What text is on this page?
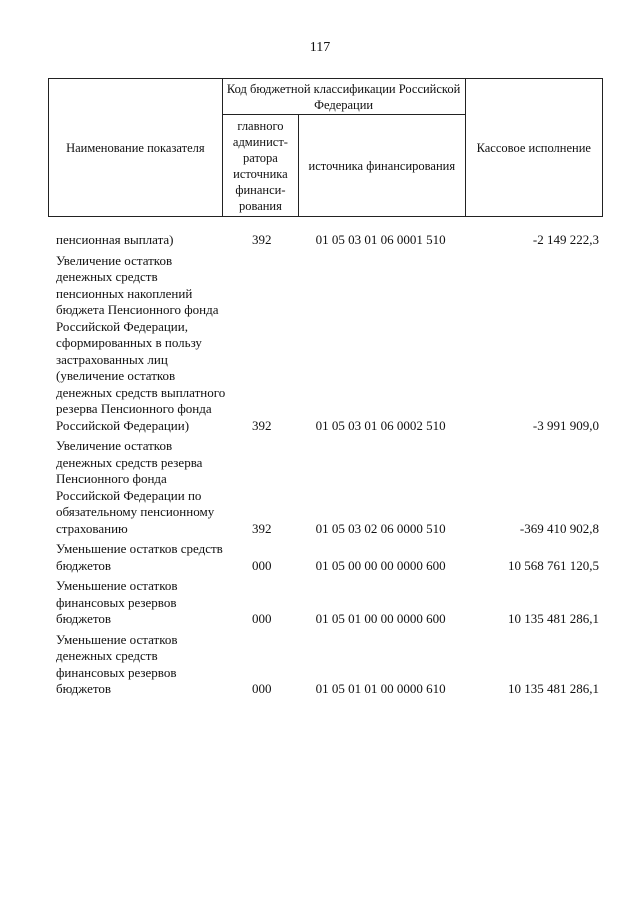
117
Наименование показателя	Код бюджетной классификации Российской Федерации		Кассовое исполнение
	главного админист-ратора источника финанси-рования	источника финансирования	
пенсионная выплата)	392	01 05 03 01 06 0001 510	-2 149 222,3
Увеличение остатков денежных средств пенсионных накоплений бюджета Пенсионного фонда Российской Федерации, сформированных в пользу застрахованных лиц (увеличение остатков денежных средств выплатного резерва Пенсионного фонда Российской Федерации)	392	01 05 03 01 06 0002 510	-3 991 909,0
Увеличение остатков денежных средств резерва Пенсионного фонда Российской Федерации по обязательному пенсионному страхованию	392	01 05 03 02 06 0000 510	-369 410 902,8
Уменьшение остатков средств бюджетов	000	01 05 00 00 00 0000 600	10 568 761 120,5
Уменьшение остатков финансовых резервов бюджетов	000	01 05 01 00 00 0000 600	10 135 481 286,1
Уменьшение остатков денежных средств финансовых резервов бюджетов	000	01 05 01 01 00 0000 610	10 135 481 286,1
